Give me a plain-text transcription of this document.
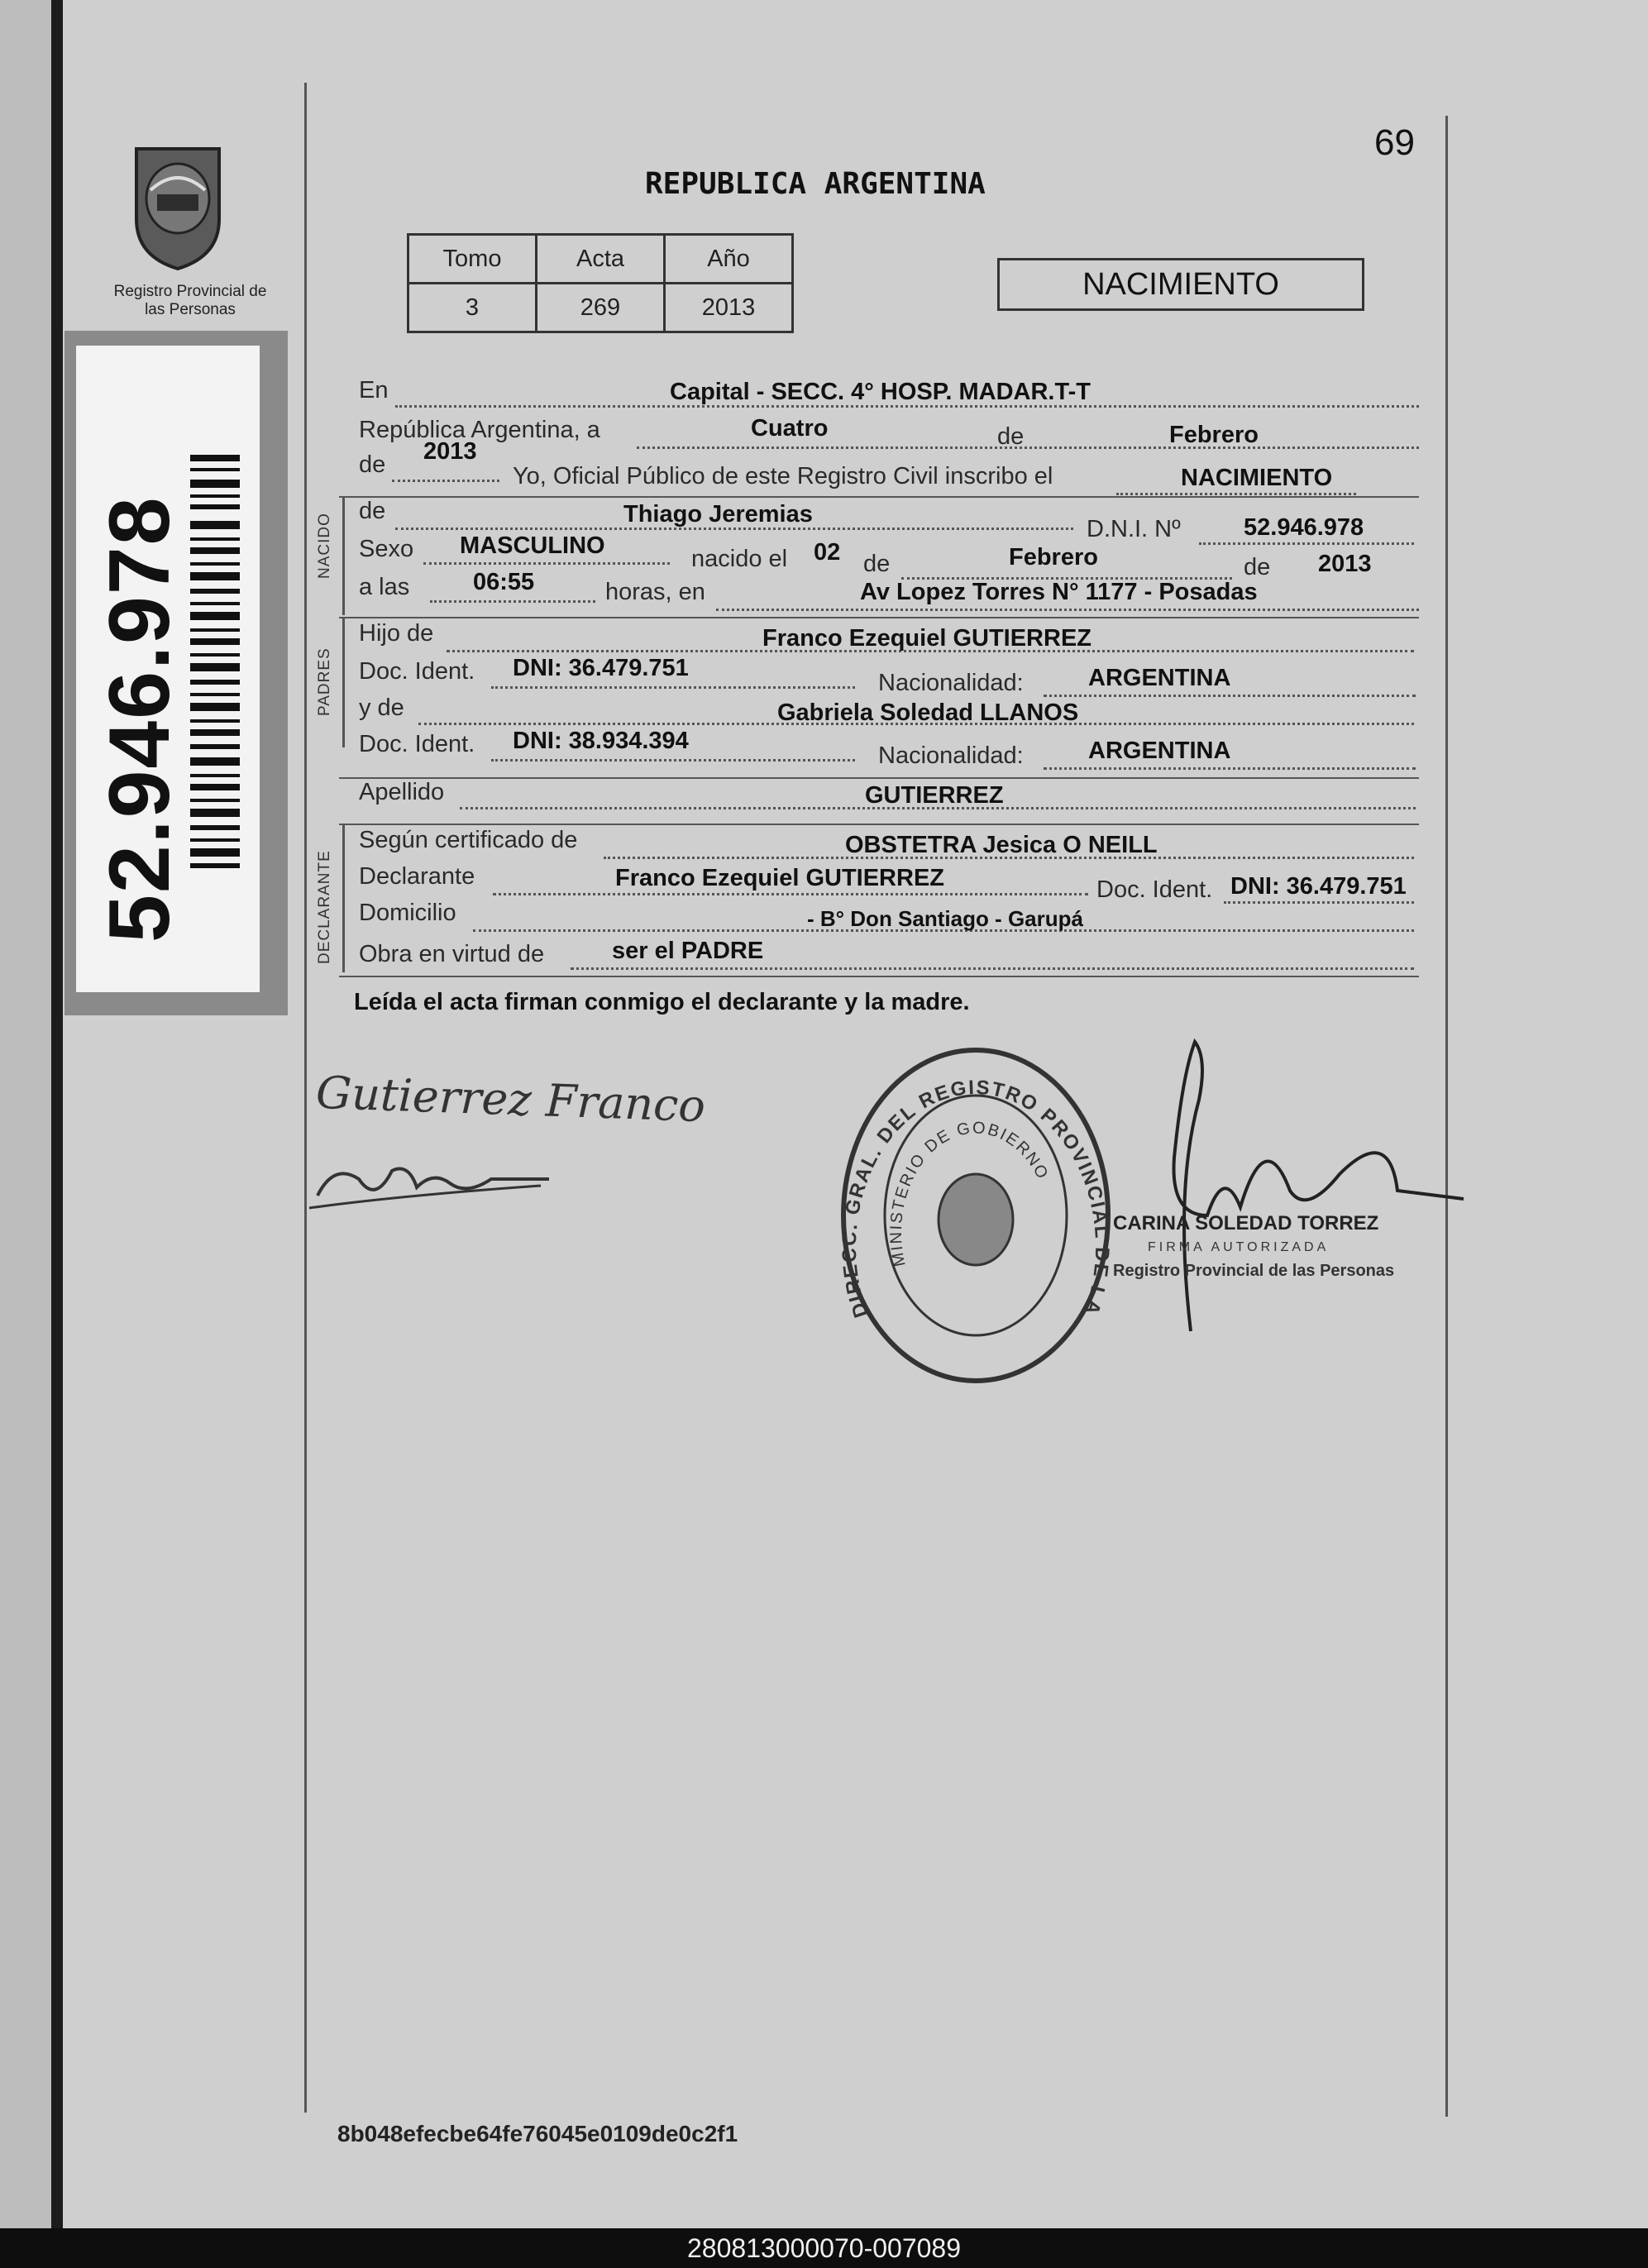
Registro Provincial de las Personas
52.946.978
69
REPUBLICA ARGENTINA
Tomo	Acta	Año
3	269	2013
NACIMIENTO
En	Capital - SECC. 4° HOSP. MADAR.T-T
República Argentina, a	Cuatro	de	Febrero
de 2013
Yo, Oficial Público de este Registro Civil inscribo el	NACIMIENTO
NACIDO
de	Thiago Jeremias
D.N.I. Nº	52.946.978
Sexo MASCULINO	nacido el 02 de	Febrero	de 2013
a las	06:55	horas, en	Av Lopez Torres N° 1177 - Posadas
PADRES
Hijo de	Franco Ezequiel GUTIERREZ
Doc. Ident. DNI: 36.479.751
Nacionalidad:	ARGENTINA
y de	Gabriela Soledad LLANOS
Doc. Ident. DNI: 38.934.394
Nacionalidad:	ARGENTINA
Apellido	GUTIERREZ
DECLARANTE
Según certificado de	OBSTETRA Jesica O NEILL
Declarante	Franco Ezequiel GUTIERREZ	Doc. Ident. DNI: 36.479.751
Domicilio	- B° Don Santiago - Garupá
Obra en virtud de	ser el PADRE
Leída el acta firman conmigo el declarante y la madre.
Gutierrez Franco
DIRECC. GRAL. DEL REGISTRO PROVINCIAL DE LA
MINISTERIO DE GOBIERNO
CARINA SOLEDAD TORREZ
FIRMA AUTORIZADA
Registro Provincial de las Personas
8b048efecbe64fe76045e0109de0c2f1
280813000070-007089
